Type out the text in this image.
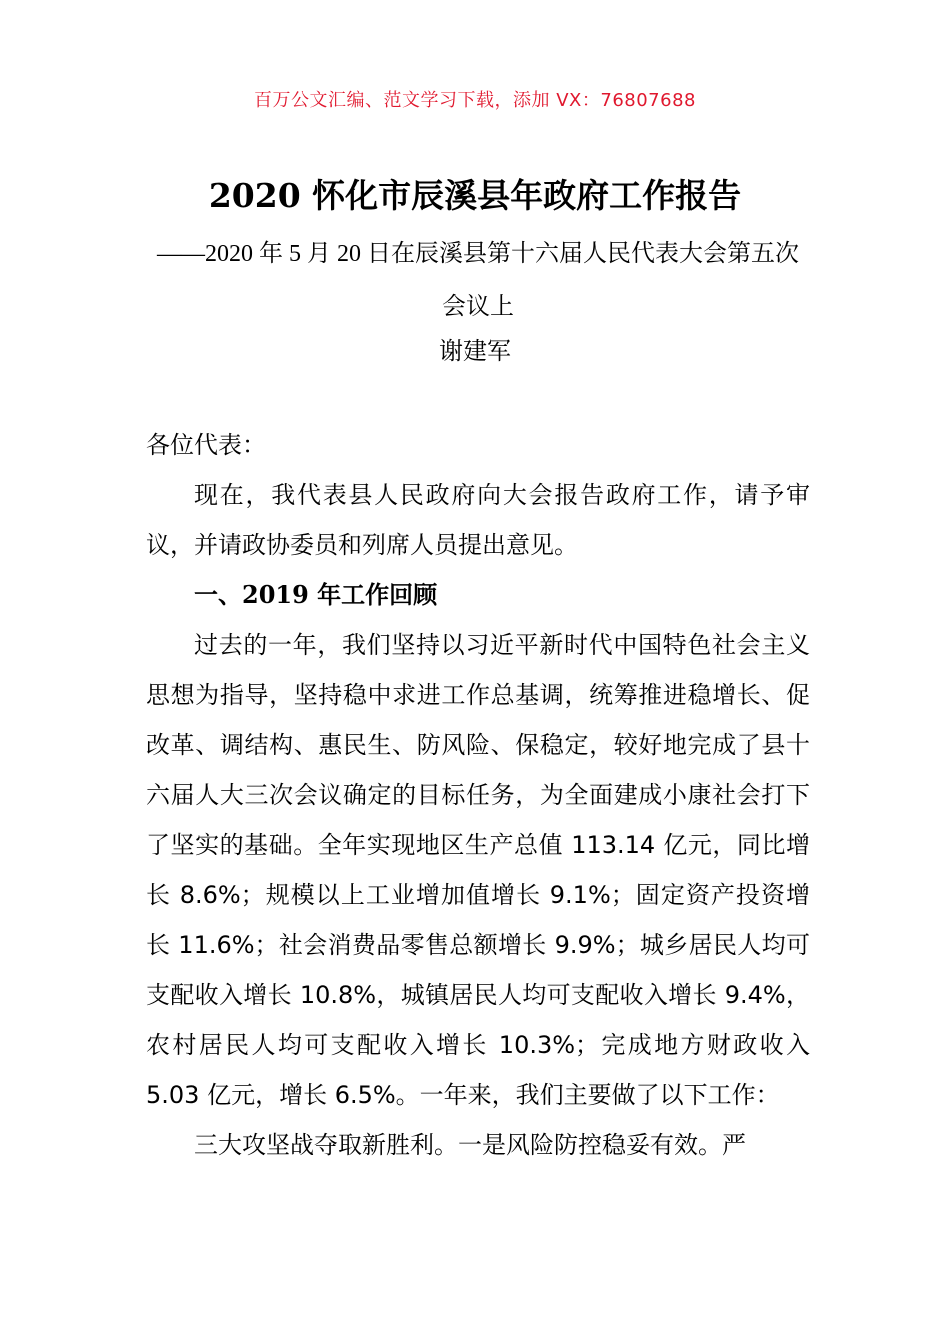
百万公文汇编、范文学习下载，添加 VX：76807688
2020 怀化市辰溪县年政府工作报告
——2020 年 5 月 20 日在辰溪县第十六届人民代表大会第五次会议上
谢建军

各位代表：

现在，我代表县人民政府向大会报告政府工作，请予审议，并请政协委员和列席人员提出意见。

一、2019 年工作回顾

过去的一年，我们坚持以习近平新时代中国特色社会主义思想为指导，坚持稳中求进工作总基调，统筹推进稳增长、促改革、调结构、惠民生、防风险、保稳定，较好地完成了县十六届人大三次会议确定的目标任务，为全面建成小康社会打下了坚实的基础。全年实现地区生产总值 113.14 亿元，同比增长 8.6%；规模以上工业增加值增长 9.1%；固定资产投资增长 11.6%；社会消费品零售总额增长 9.9%；城乡居民人均可支配收入增长 10.8%，城镇居民人均可支配收入增长 9.4%，农村居民人均可支配收入增长 10.3%；完成地方财政收入 5.03 亿元，增长 6.5%。一年来，我们主要做了以下工作：

三大攻坚战夺取新胜利。一是风险防控稳妥有效。严
